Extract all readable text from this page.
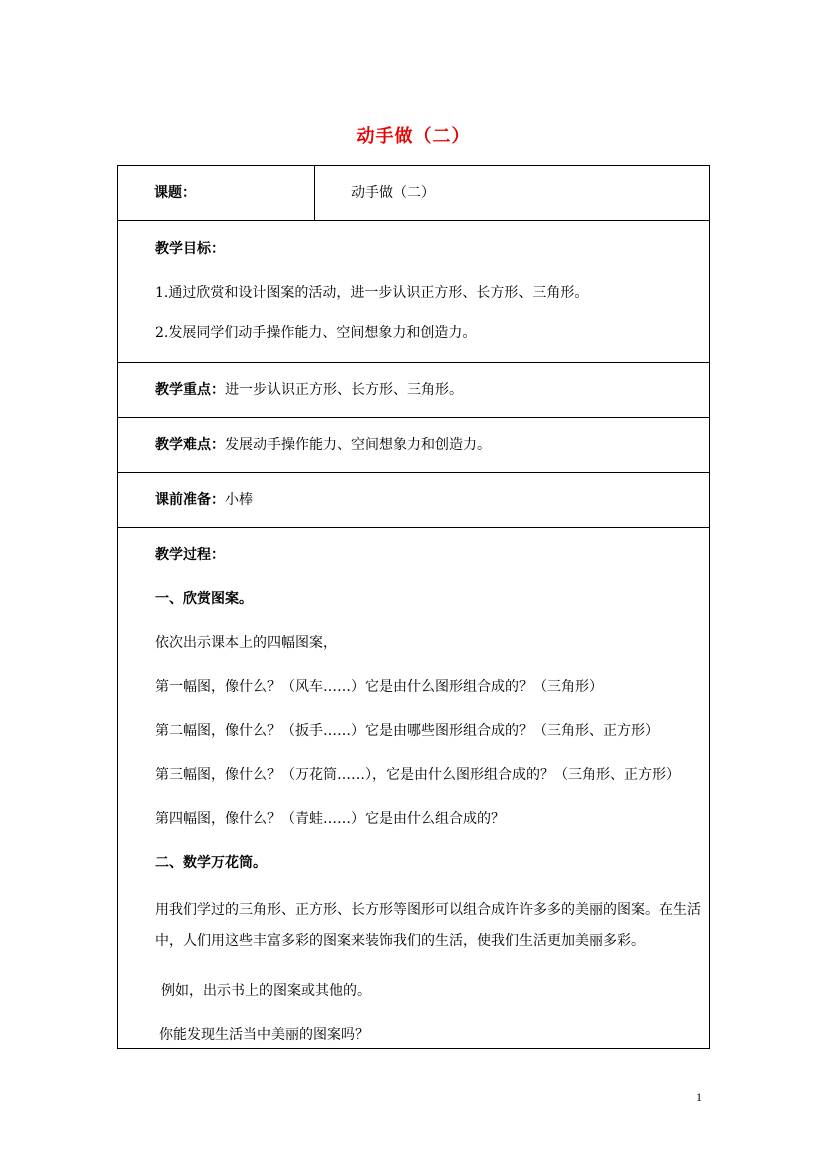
动手做（二）
课题：	动手做（二）

教学目标：

1.通过欣赏和设计图案的活动，进一步认识正方形、长方形、三角形。

2.发展同学们动手操作能力、空间想象力和创造力。

教学重点：进一步认识正方形、长方形、三角形。
教学难点：发展动手操作能力、空间想象力和创造力。
课前准备：小棒

教学过程：

一、欣赏图案。

依次出示课本上的四幅图案，

第一幅图，像什么？（风车……）它是由什么图形组合成的？（三角形）

第二幅图，像什么？（扳手……）它是由哪些图形组合成的？（三角形、正方形）

第三幅图，像什么？（万花筒……），它是由什么图形组合成的？（三角形、正方形）

第四幅图，像什么？（青蛙……）它是由什么组合成的？

二、数学万花筒。

用我们学过的三角形、正方形、长方形等图形可以组合成许许多多的美丽的图案。在生活中，人们用这些丰富多彩的图案来装饰我们的生活，使我们生活更加美丽多彩。

例如，出示书上的图案或其他的。

你能发现生活当中美丽的图案吗？

1
